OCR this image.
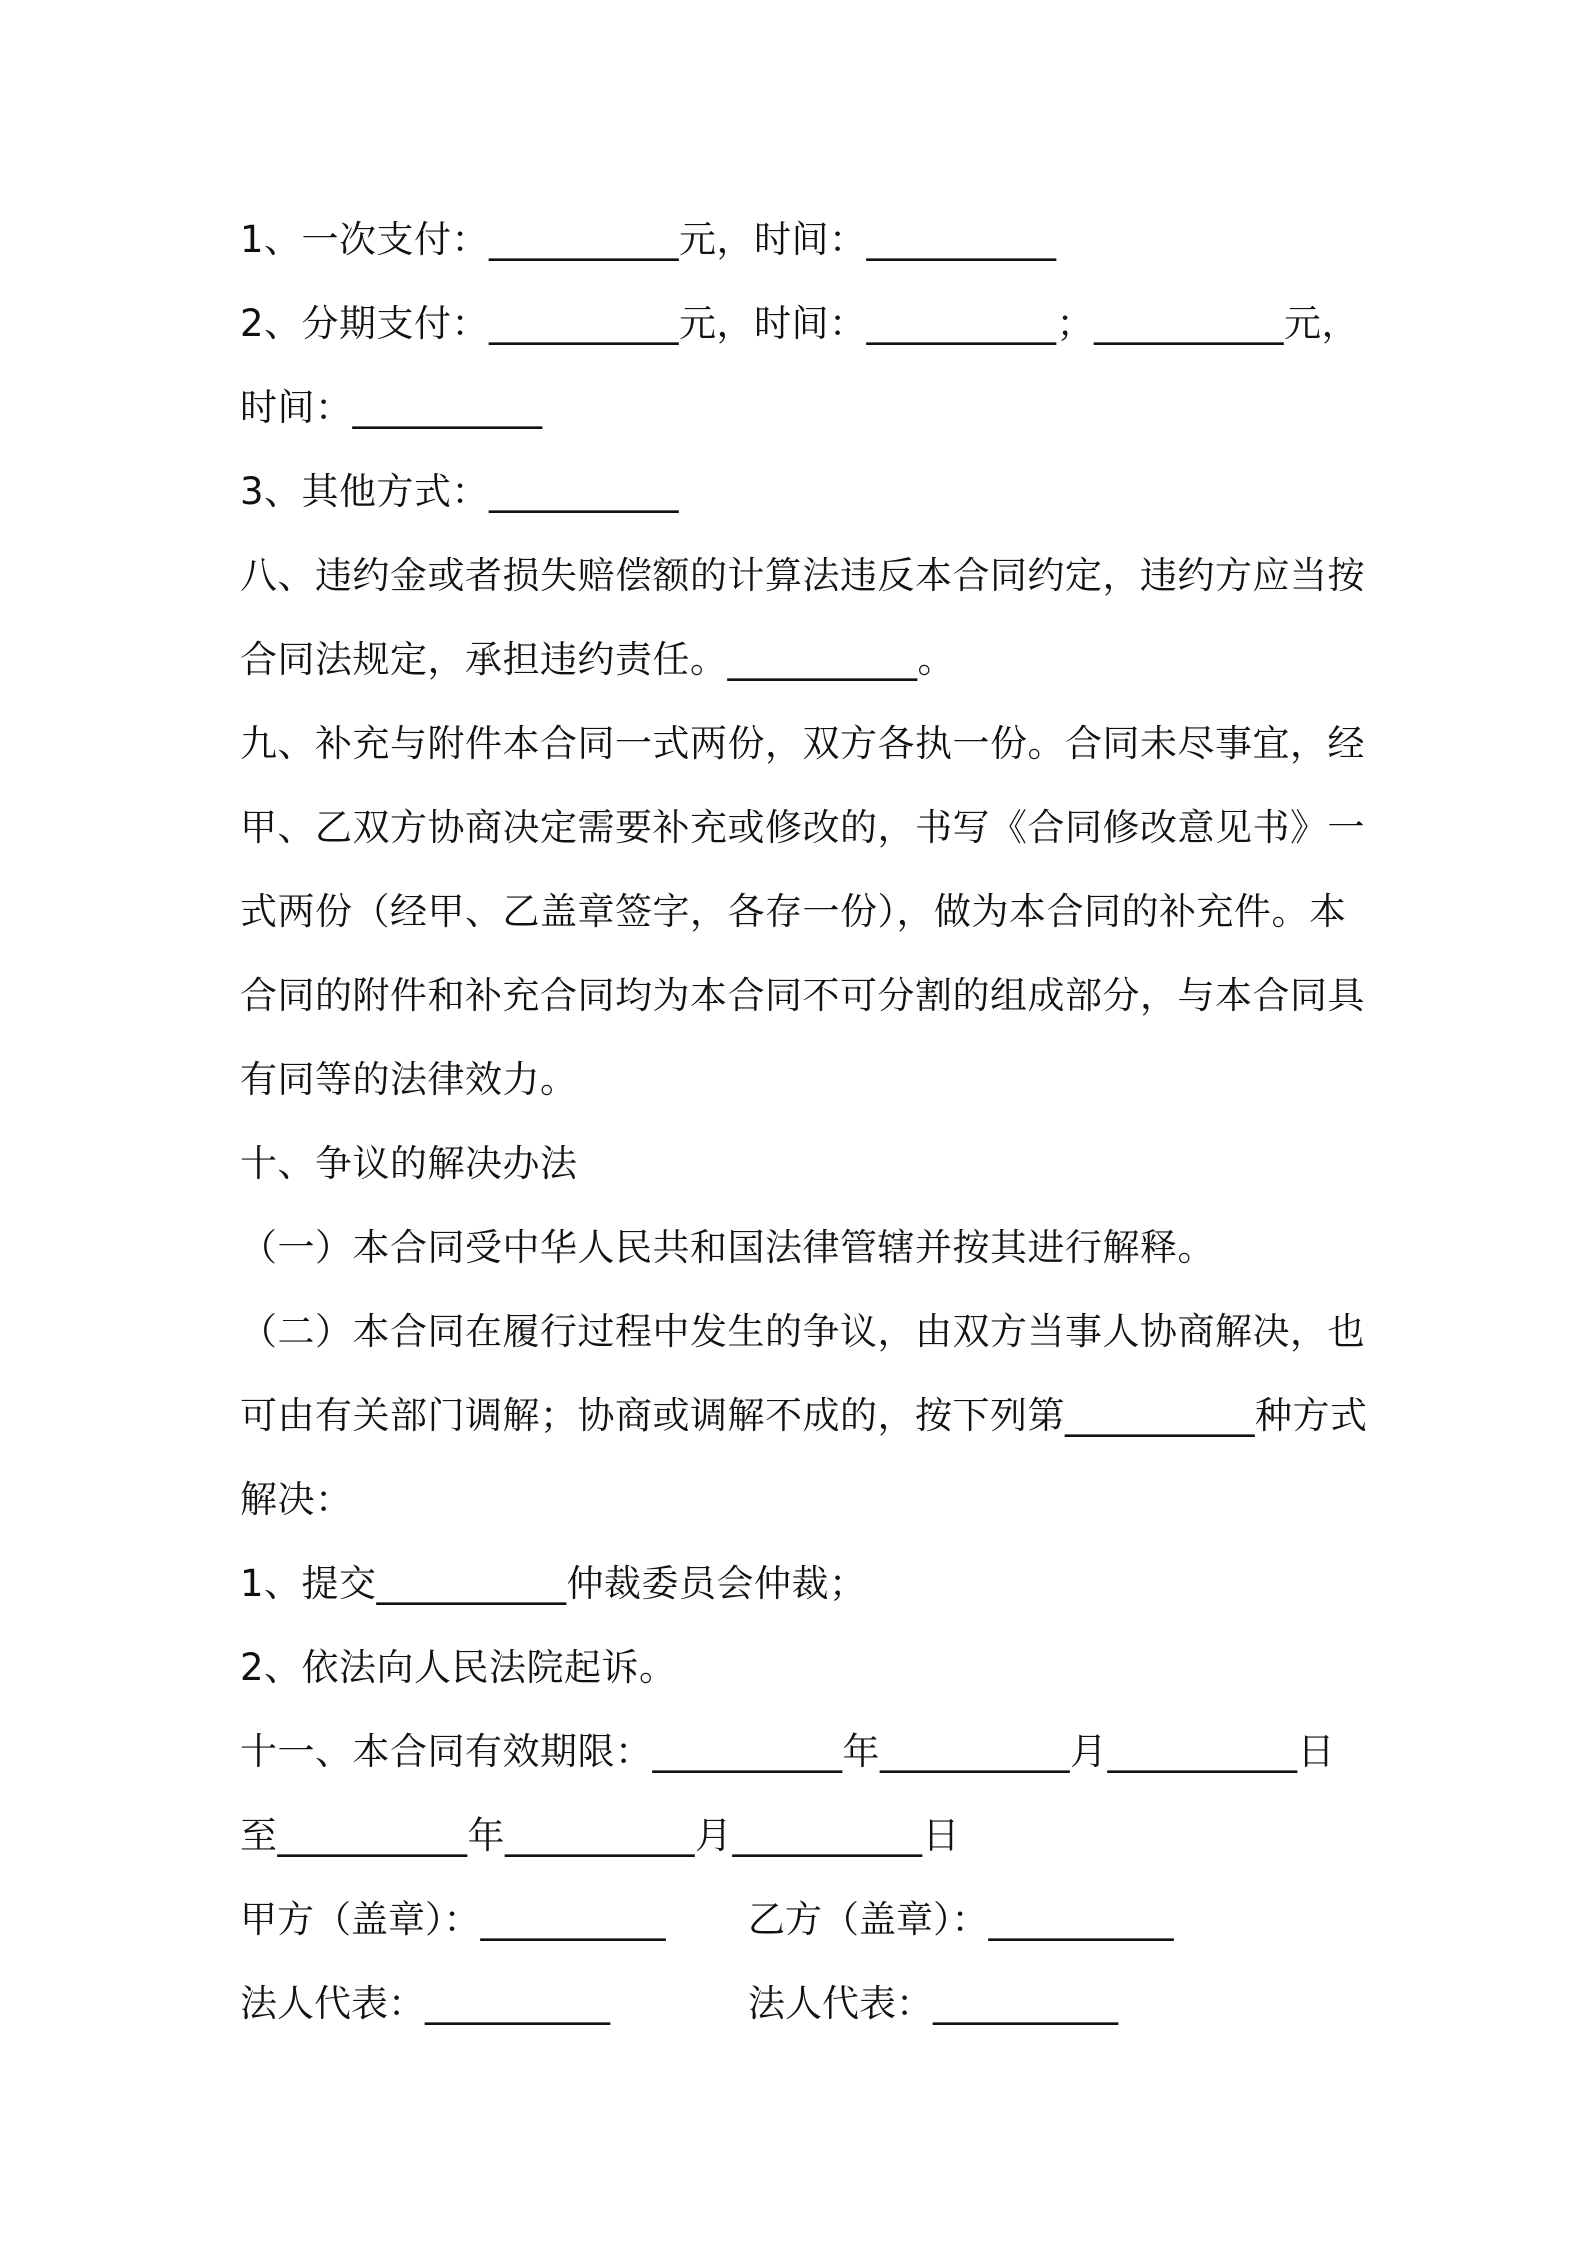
1、一次支付：__________元，时间：__________
2、分期支付：__________元，时间：__________；__________元，
时间：__________
3、其他方式：__________
八、违约金或者损失赔偿额的计算法违反本合同约定，违约方应当按
合同法规定，承担违约责任。__________。
九、补充与附件本合同一式两份，双方各执一份。合同未尽事宜，经
甲、乙双方协商决定需要补充或修改的，书写《合同修改意见书》一
式两份（经甲、乙盖章签字，各存一份），做为本合同的补充件。本
合同的附件和补充合同均为本合同不可分割的组成部分，与本合同具
有同等的法律效力。
十、争议的解决办法
（一）本合同受中华人民共和国法律管辖并按其进行解释。
（二）本合同在履行过程中发生的争议，由双方当事人协商解决，也
可由有关部门调解；协商或调解不成的，按下列第__________种方式
解决：
1、提交__________仲裁委员会仲裁；
2、依法向人民法院起诉。
十一、本合同有效期限：__________年__________月__________日
至__________年__________月__________日
甲方（盖章）：__________	乙方（盖章）：__________
法人代表：__________	法人代表：__________
